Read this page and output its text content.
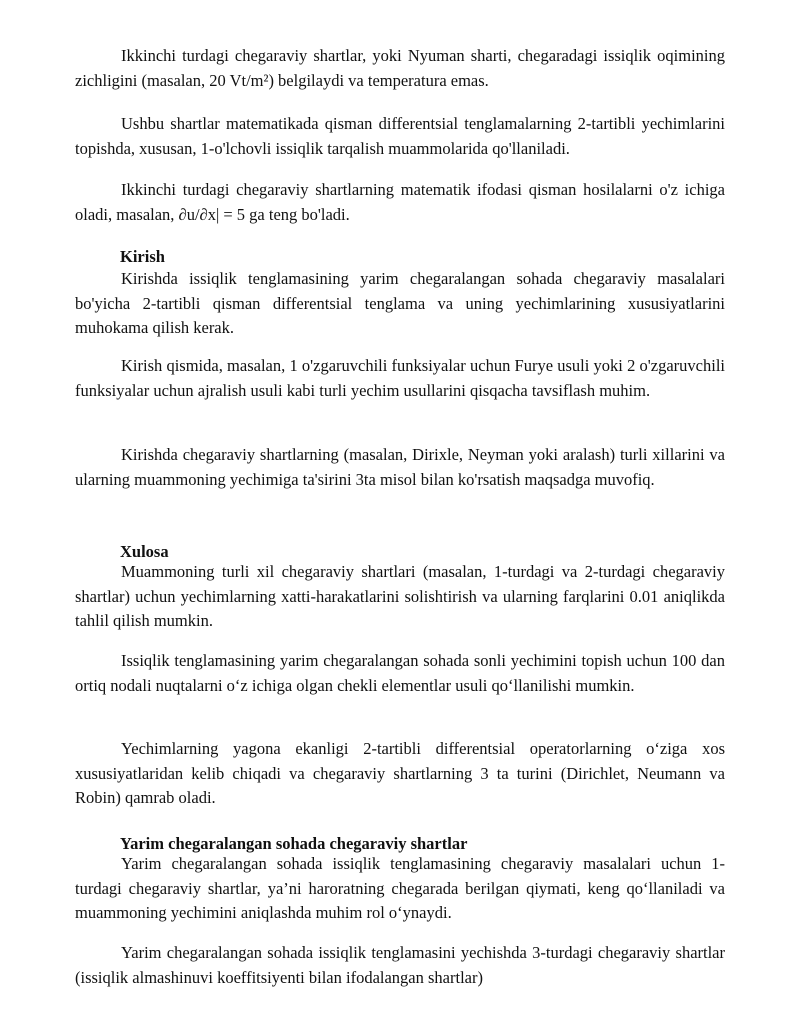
Ikkinchi turdagi chegaraviy shartlar, yoki Nyuman sharti, chegaradagi issiqlik oqimining zichligini (masalan, 20 Vt/m²) belgilaydi va temperatura emas.

Ushbu shartlar matematikada qisman differentsial tenglamalarning 2-tartibli yechimlarini topishda, xususan, 1-o'lchovli issiqlik tarqalish muammolarida qo'llaniladi.

Ikkinchi turdagi chegaraviy shartlarning matematik ifodasi qisman hosilalarni o'z ichiga oladi, masalan, ∂u/∂x| = 5 ga teng bo'ladi.

Kirish

Kirishda issiqlik tenglamasining yarim chegaralangan sohada chegaraviy masalalari bo'yicha 2-tartibli qisman differentsial tenglama va uning yechimlarining xususiyatlarini muhokama qilish kerak.

Kirish qismida, masalan, 1 o'zgaruvchili funksiyalar uchun Furye usuli yoki 2 o'zgaruvchili funksiyalar uchun ajralish usuli kabi turli yechim usullarini qisqacha tavsiflash muhim.

Kirishda chegaraviy shartlarning (masalan, Dirixle, Neyman yoki aralash) turli xillarini va ularning muammoning yechimiga ta'sirini 3ta misol bilan ko'rsatish maqsadga muvofiq.

Xulosa

Muammoning turli xil chegaraviy shartlari (masalan, 1-turdagi va 2-turdagi chegaraviy shartlar) uchun yechimlarning xatti-harakatlarini solishtirish va ularning farqlarini 0.01 aniqlikda tahlil qilish mumkin.

Issiqlik tenglamasining yarim chegaralangan sohada sonli yechimini topish uchun 100 dan ortiq nodali nuqtalarni o‘z ichiga olgan chekli elementlar usuli qo‘llanilishi mumkin.

Yechimlarning yagona ekanligi 2-tartibli differentsial operatorlarning o‘ziga xos xususiyatlaridan kelib chiqadi va chegaraviy shartlarning 3 ta turini (Dirichlet, Neumann va Robin) qamrab oladi.

Yarim chegaralangan sohada chegaraviy shartlar

Yarim chegaralangan sohada issiqlik tenglamasining chegaraviy masalalari uchun 1-turdagi chegaraviy shartlar, ya’ni haroratning chegarada berilgan qiymati, keng qo‘llaniladi va muammoning yechimini aniqlashda muhim rol o‘ynaydi.

Yarim chegaralangan sohada issiqlik tenglamasini yechishda 3-turdagi chegaraviy shartlar (issiqlik almashinuvi koeffitsiyenti bilan ifodalangan shartlar)
